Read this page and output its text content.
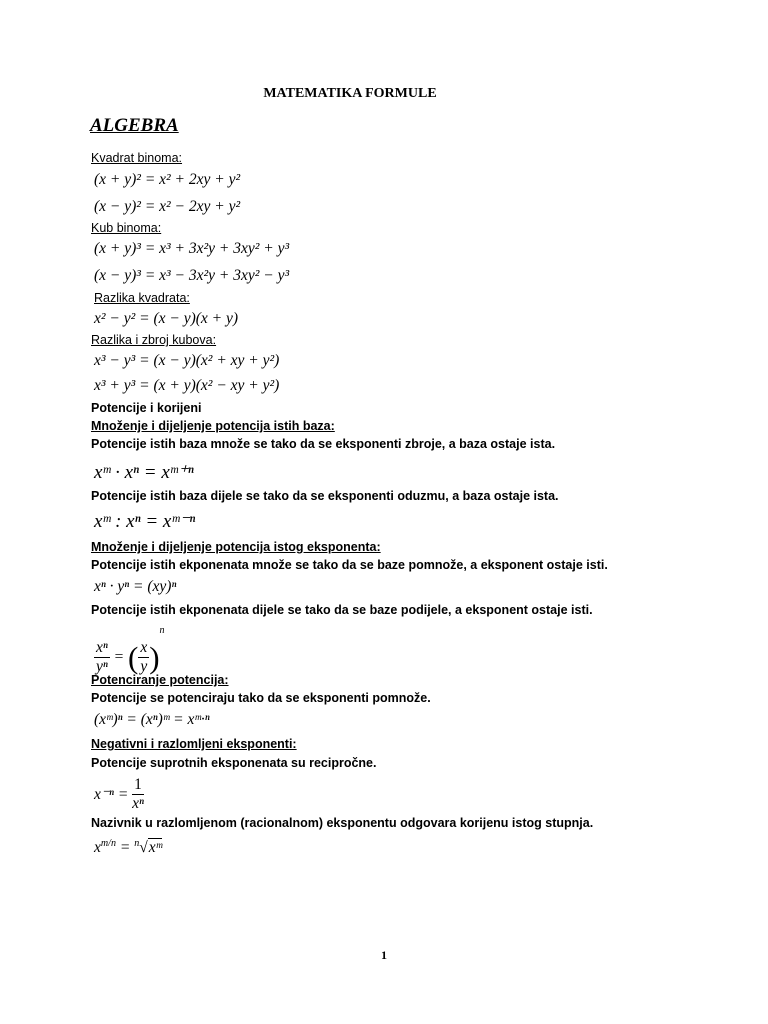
MATEMATIKA FORMULE
ALGEBRA
Kvadrat binoma:
(x + y)² = x² + 2xy + y²
(x − y)² = x² − 2xy + y²
Kub binoma:
(x + y)³ = x³ + 3x²y + 3xy² + y³
(x − y)³ = x³ − 3x²y + 3xy² − y³
Razlika kvadrata:
x² − y² = (x − y)(x + y)
Razlika i zbroj kubova:
x³ − y³ = (x − y)(x² + xy + y²)
x³ + y³ = (x + y)(x² − xy + y²)
Potencije i korijeni
Množenje i dijeljenje potencija istih baza:
Potencije istih baza množe se tako da se eksponenti zbroje, a baza ostaje ista.
xᵐ · xⁿ = xᵐ⁺ⁿ
Potencije istih baza dijele se tako da se eksponenti oduzmu, a baza ostaje ista.
xᵐ : xⁿ = xᵐ⁻ⁿ
Množenje i dijeljenje potencija istog eksponenta:
Potencije istih ekponenata množe se tako da se baze pomnože, a eksponent ostaje isti.
xⁿ · yⁿ = (xy)ⁿ
Potencije istih ekponenata dijele se tako da se baze podijele, a eksponent ostaje isti.
$\frac{\text{xⁿ}}{\text{yⁿ}}$ = ( $\frac{x}{y} )^n$
Potenciranje potencija:
Potencije se potenciraju tako da se eksponenti pomnože.
(xᵐ)ⁿ = (xⁿ)ᵐ = xᵐ·ⁿ
Negativni i razlomljeni eksponenti:
Potencije suprotnih eksponenata su recipročne.
$x^{-n} = \frac{1}{\text{xⁿ}}$
Nazivnik u razlomljenom (racionalnom) eksponentu odgovara korijenu istog stupnja.
$x^{m/n}$ = $^n$√xᵐ
1
